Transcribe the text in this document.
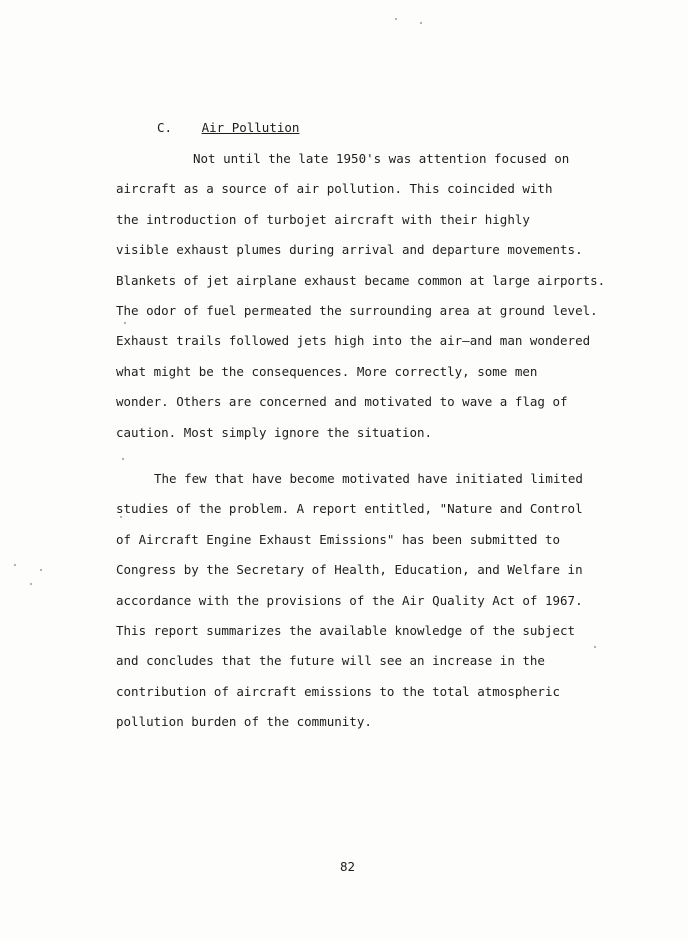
C. Air Pollution
Not until the late 1950's was attention focused on
aircraft as a source of air pollution. This coincided with
the introduction of turbojet aircraft with their highly
visible exhaust plumes during arrival and departure movements.
Blankets of jet airplane exhaust became common at large airports.
The odor of fuel permeated the surrounding area at ground level.
Exhaust trails followed jets high into the air—and man wondered
what might be the consequences. More correctly, some men
wonder. Others are concerned and motivated to wave a flag of
caution. Most simply ignore the situation.
The few that have become motivated have initiated limited
studies of the problem. A report entitled, "Nature and Control
of Aircraft Engine Exhaust Emissions" has been submitted to
Congress by the Secretary of Health, Education, and Welfare in
accordance with the provisions of the Air Quality Act of 1967.
This report summarizes the available knowledge of the subject
and concludes that the future will see an increase in the
contribution of aircraft emissions to the total atmospheric
pollution burden of the community.
82
